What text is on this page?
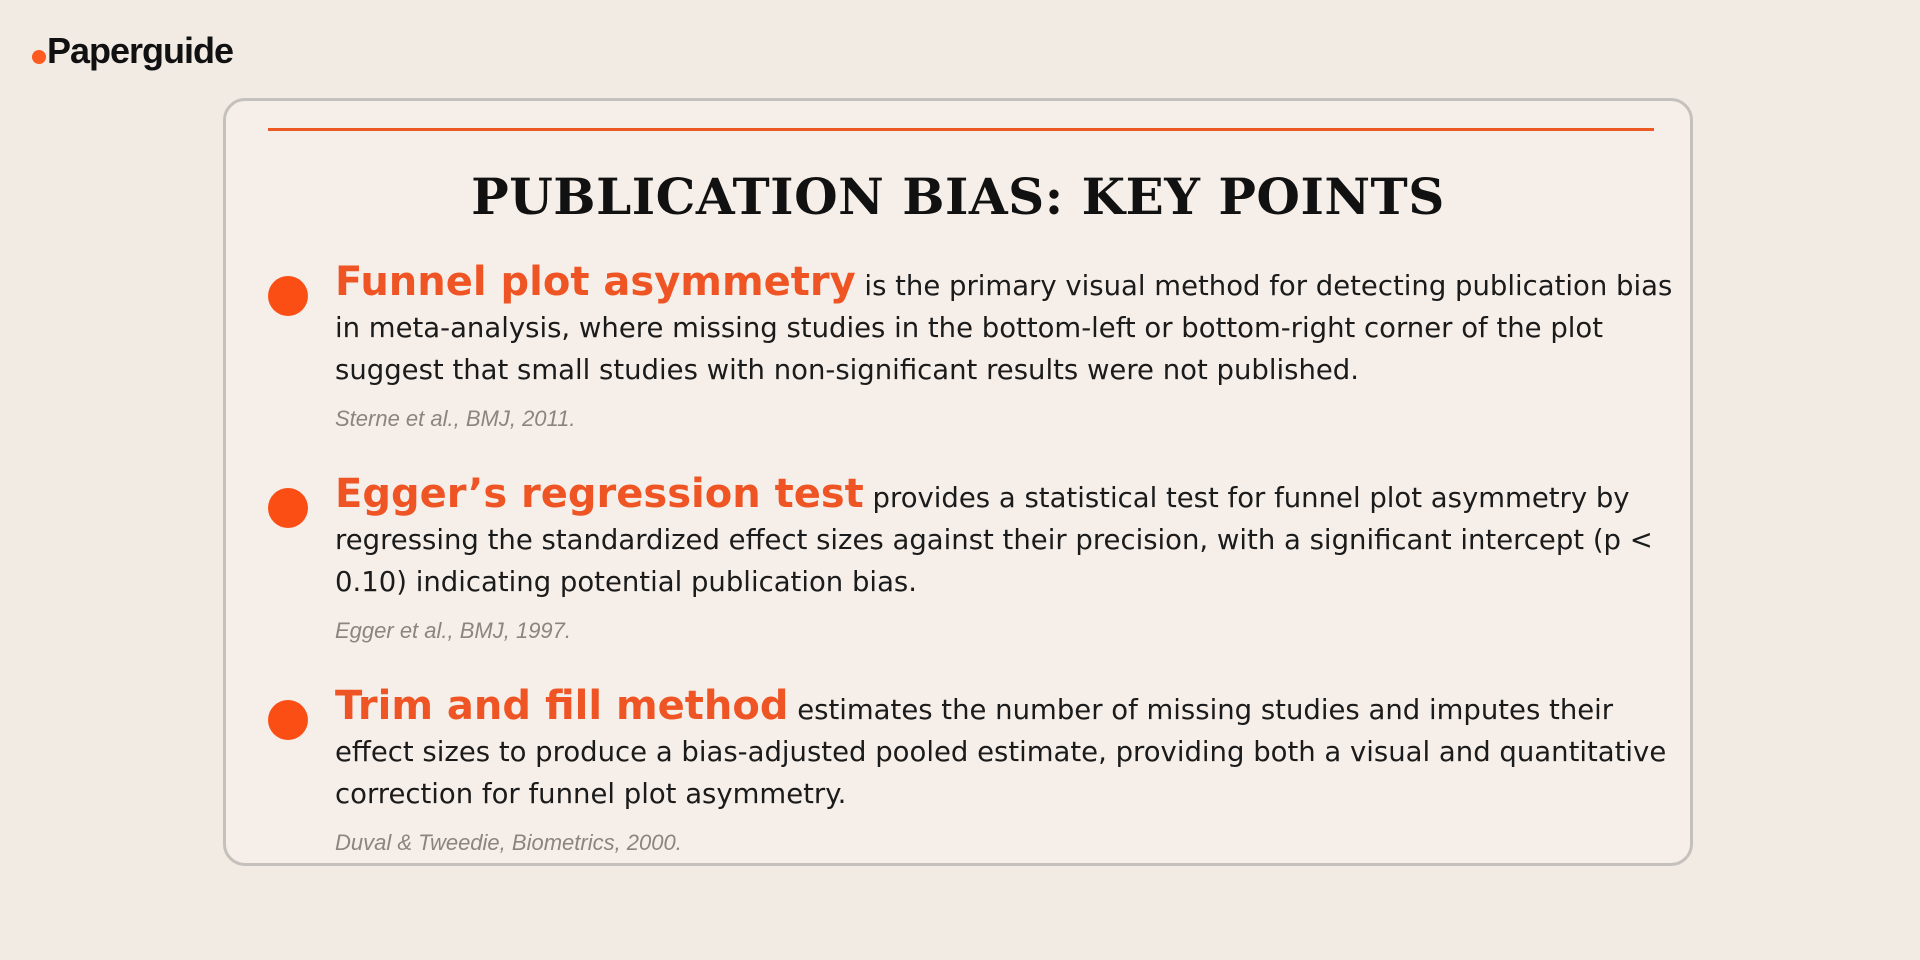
Paperguide
PUBLICATION BIAS: KEY POINTS

Funnel plot asymmetry is the primary visual method for detecting publication bias in meta-analysis, where missing studies in the bottom-left or bottom-right corner of the plot suggest that small studies with non-significant results were not published.

Sterne et al., BMJ, 2011.

Egger’s regression test provides a statistical test for funnel plot asymmetry by regressing the standardized effect sizes against their precision, with a significant intercept (p < 0.10) indicating potential publication bias.

Egger et al., BMJ, 1997.

Trim and fill method estimates the number of missing studies and imputes their effect sizes to produce a bias-adjusted pooled estimate, providing both a visual and quantitative correction for funnel plot asymmetry.

Duval & Tweedie, Biometrics, 2000.
